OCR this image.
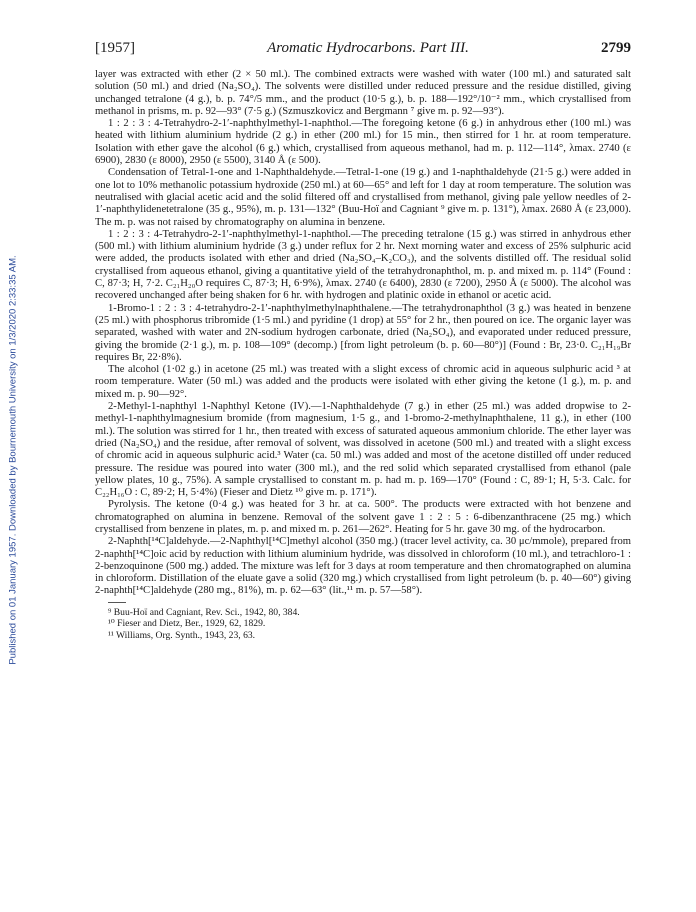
Published on 01 January 1957. Downloaded by Bournemouth University on 1/3/2020 2:33:35 AM.
[1957]	Aromatic Hydrocarbons. Part III.	2799

layer was extracted with ether (2 × 50 ml.). The combined extracts were washed with water (100 ml.) and saturated salt solution (50 ml.) and dried (Na₂SO₄). The solvents were distilled under reduced pressure and the residue distilled, giving unchanged tetralone (4 g.), b. p. 74°/5 mm., and the product (10·5 g.), b. p. 188—192°/10⁻² mm., which crystallised from methanol in prisms, m. p. 92—93° (7·5 g.) (Szmuszkovicz and Bergmann ⁷ give m. p. 92—93°).

1 : 2 : 3 : 4-Tetrahydro-2-1′-naphthylmethyl-1-naphthol.—The foregoing ketone (6 g.) in anhydrous ether (100 ml.) was heated with lithium aluminium hydride (2 g.) in ether (200 ml.) for 15 min., then stirred for 1 hr. at room temperature. Isolation with ether gave the alcohol (6 g.) which, crystallised from aqueous methanol, had m. p. 112—114°, λmax. 2740 (ε 6900), 2830 (ε 8000), 2950 (ε 5500), 3140 Å (ε 500).

Condensation of Tetral-1-one and 1-Naphthaldehyde.—Tetral-1-one (19 g.) and 1-naphthaldehyde (21·5 g.) were added in one lot to 10% methanolic potassium hydroxide (250 ml.) at 60—65° and left for 1 day at room temperature. The solution was neutralised with glacial acetic acid and the solid filtered off and crystallised from methanol, giving pale yellow needles of 2-1′-naphthylidenetetralone (35 g., 95%), m. p. 131—132° (Buu-Hoï and Cagniant ⁹ give m. p. 131°), λmax. 2680 Å (ε 23,000). The m. p. was not raised by chromatography on alumina in benzene.

1 : 2 : 3 : 4-Tetrahydro-2-1′-naphthylmethyl-1-naphthol.—The preceding tetralone (15 g.) was stirred in anhydrous ether (500 ml.) with lithium aluminium hydride (3 g.) under reflux for 2 hr. Next morning water and excess of 25% sulphuric acid were added, the products isolated with ether and dried (Na₂SO₄–K₂CO₃), and the solvents distilled off. The residual solid crystallised from aqueous ethanol, giving a quantitative yield of the tetrahydronaphthol, m. p. and mixed m. p. 114° (Found : C, 87·3; H, 7·2. C₂₁H₂₀O requires C, 87·3; H, 6·9%), λmax. 2740 (ε 6400), 2830 (ε 7200), 2950 Å (ε 5000). The alcohol was recovered unchanged after being shaken for 6 hr. with hydrogen and platinic oxide in ethanol or acetic acid.

1-Bromo-1 : 2 : 3 : 4-tetrahydro-2-1′-naphthylmethylnaphthalene.—The tetrahydronaphthol (3 g.) was heated in benzene (25 ml.) with phosphorus tribromide (1·5 ml.) and pyridine (1 drop) at 55° for 2 hr., then poured on ice. The organic layer was separated, washed with water and 2N-sodium hydrogen carbonate, dried (Na₂SO₄), and evaporated under reduced pressure, giving the bromide (2·1 g.), m. p. 108—109° (decomp.) [from light petroleum (b. p. 60—80°)] (Found : Br, 23·0. C₂₁H₁₉Br requires Br, 22·8%).

The alcohol (1·02 g.) in acetone (25 ml.) was treated with a slight excess of chromic acid in aqueous sulphuric acid ³ at room temperature. Water (50 ml.) was added and the products were isolated with ether giving the ketone (1 g.), m. p. and mixed m. p. 90—92°.

2-Methyl-1-naphthyl 1-Naphthyl Ketone (IV).—1-Naphthaldehyde (7 g.) in ether (25 ml.) was added dropwise to 2-methyl-1-naphthylmagnesium bromide (from magnesium, 1·5 g., and 1-bromo-2-methylnaphthalene, 11 g.), in ether (100 ml.). The solution was stirred for 1 hr., then treated with excess of saturated aqueous ammonium chloride. The ether layer was dried (Na₂SO₄) and the residue, after removal of solvent, was dissolved in acetone (500 ml.) and treated with a slight excess of chromic acid in aqueous sulphuric acid.³ Water (ca. 50 ml.) was added and most of the acetone distilled off under reduced pressure. The residue was poured into water (300 ml.), and the red solid which separated crystallised from ethanol (pale yellow plates, 10 g., 75%). A sample crystallised to constant m. p. had m. p. 169—170° (Found : C, 89·1; H, 5·3. Calc. for C₂₂H₁₆O : C, 89·2; H, 5·4%) (Fieser and Dietz ¹⁰ give m. p. 171°).

Pyrolysis. The ketone (0·4 g.) was heated for 3 hr. at ca. 500°. The products were extracted with hot benzene and chromatographed on alumina in benzene. Removal of the solvent gave 1 : 2 : 5 : 6-dibenzanthracene (25 mg.) which crystallised from benzene in plates, m. p. and mixed m. p. 261—262°. Heating for 5 hr. gave 30 mg. of the hydrocarbon.

2-Naphth[¹⁴C]aldehyde.—2-Naphthyl[¹⁴C]methyl alcohol (350 mg.) (tracer level activity, ca. 30 μc/mmole), prepared from 2-naphth[¹⁴C]oic acid by reduction with lithium aluminium hydride, was dissolved in chloroform (10 ml.), and tetrachloro-1 : 2-benzoquinone (500 mg.) added. The mixture was left for 3 days at room temperature and then chromatographed on alumina in chloroform. Distillation of the eluate gave a solid (320 mg.) which crystallised from light petroleum (b. p. 40—60°) giving 2-naphth[¹⁴C]aldehyde (280 mg., 81%), m. p. 62—63° (lit.,¹¹ m. p. 57—58°).

⁹ Buu-Hoï and Cagniant, Rev. Sci., 1942, 80, 384.

¹⁰ Fieser and Dietz, Ber., 1929, 62, 1829.

¹¹ Williams, Org. Synth., 1943, 23, 63.
